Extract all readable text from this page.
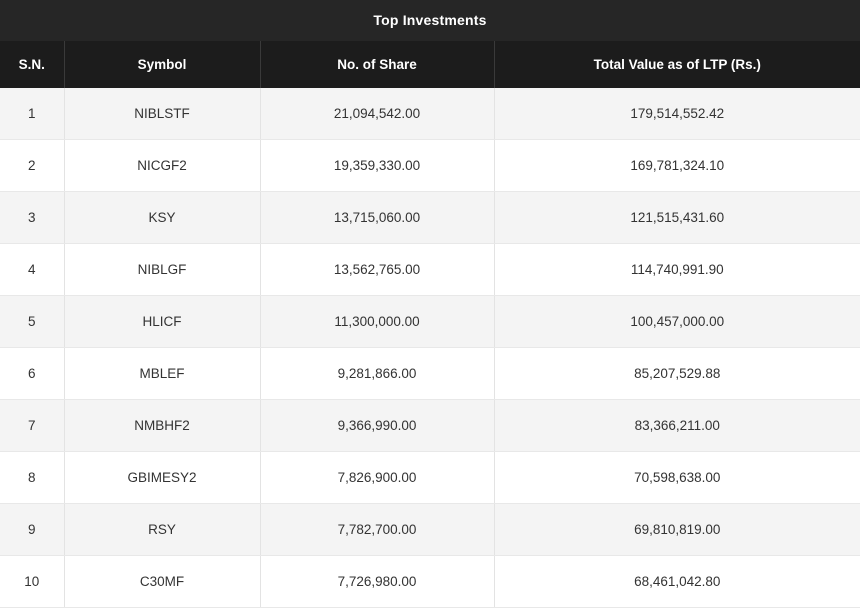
Top Investments
S.N.	Symbol	No. of Share	Total Value as of LTP (Rs.)
1	NIBLSTF	21,094,542.00	179,514,552.42
2	NICGF2	19,359,330.00	169,781,324.10
3	KSY	13,715,060.00	121,515,431.60
4	NIBLGF	13,562,765.00	114,740,991.90
5	HLICF	11,300,000.00	100,457,000.00
6	MBLEF	9,281,866.00	85,207,529.88
7	NMBHF2	9,366,990.00	83,366,211.00
8	GBIMESY2	7,826,900.00	70,598,638.00
9	RSY	7,782,700.00	69,810,819.00
10	C30MF	7,726,980.00	68,461,042.80
